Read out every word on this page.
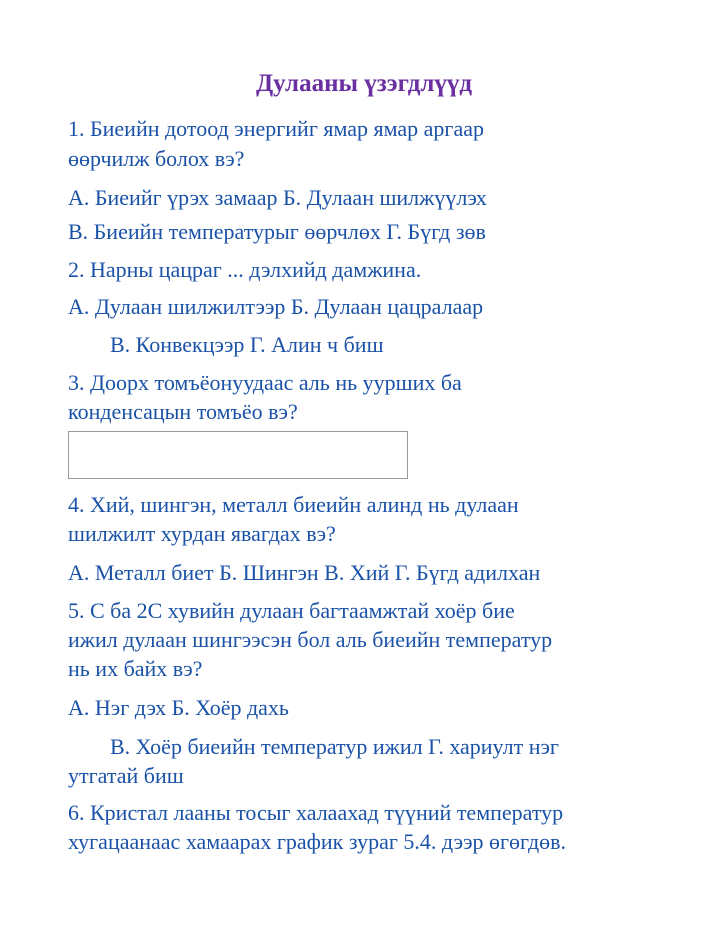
Дулааны үзэгдлүүд
1. Биеийн дотоод энергийг ямар ямар аргаар
өөрчилж болох вэ?
А. Биеийг үрэх замаар Б. Дулаан шилжүүлэх
В. Биеийн температурыг өөрчлөх Г. Бүгд зөв
2. Нарны цацраг ... дэлхийд дамжина.
А. Дулаан шилжилтээр Б. Дулаан цацралаар
В. Конвекцээр Г. Алин ч биш
3. Доорх томъёонуудаас аль нь уурших ба
конденсацын томъёо вэ?
4. Хий, шингэн, металл биеийн алинд нь дулаан
шилжилт хурдан явагдах вэ?
А. Металл биет Б. Шингэн В. Хий Г. Бүгд адилхан
5. C ба 2C хувийн дулаан багтаамжтай хоёр бие
ижил дулаан шингээсэн бол аль биеийн температур
нь их байх вэ?
А. Нэг дэх Б. Хоёр дахь
В. Хоёр биеийн температур ижил Г. хариулт нэг
утгатай биш
6. Кристал лааны тосыг халаахад түүний температур
хугацаанаас хамаарах график зураг 5.4. дээр өгөгдөв.
